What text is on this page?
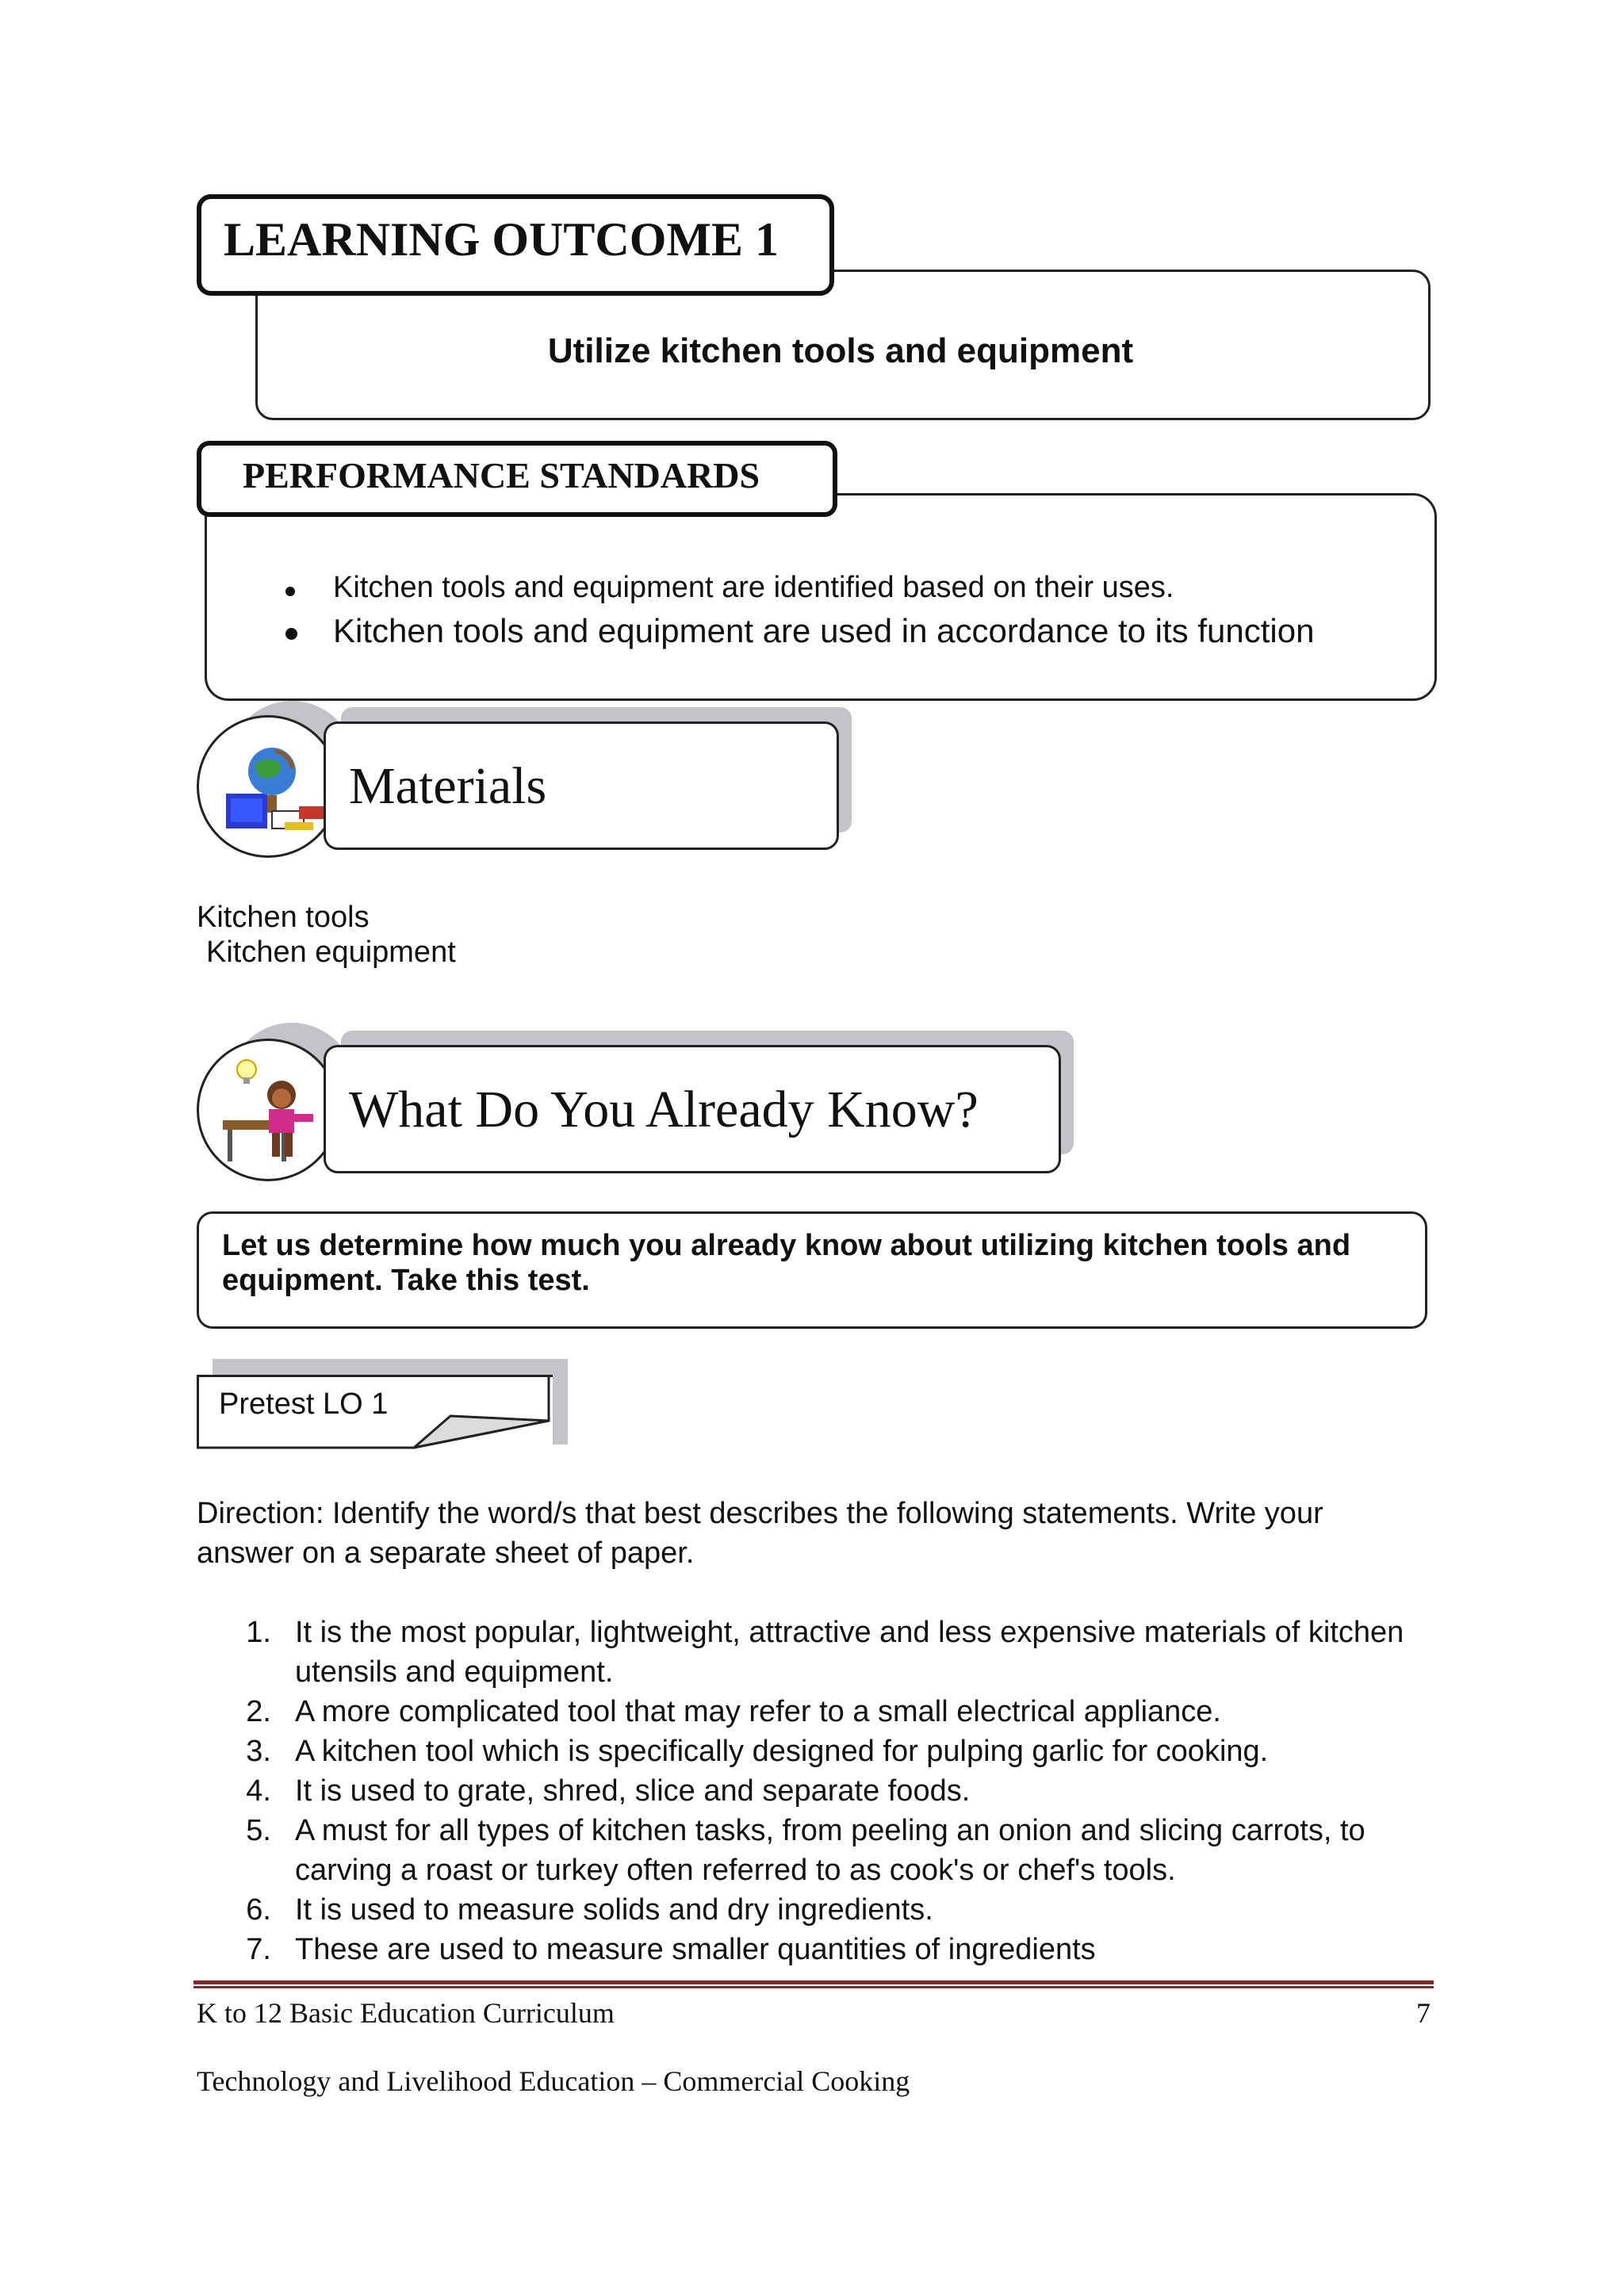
Utilize kitchen tools and equipment
LEARNING OUTCOME 1
PERFORMANCE STANDARDS
Kitchen tools and equipment are identified based on their uses.
Kitchen tools and equipment are used in accordance to its function
Materials
Kitchen tools
Kitchen equipment
What Do You Already Know?
Let us determine how much you already know about utilizing kitchen tools and
equipment. Take this test.
Pretest LO 1
Direction: Identify the word/s that best describes the following statements. Write your
answer on a separate sheet of paper.
1. It is the most popular, lightweight, attractive and less expensive materials of kitchen
utensils and equipment.
2. A more complicated tool that may refer to a small electrical appliance.
3. A kitchen tool which is specifically designed for pulping garlic for cooking.
4. It is used to grate, shred, slice and separate foods.
5. A must for all types of kitchen tasks, from peeling an onion and slicing carrots, to
carving a roast or turkey often referred to as cook's or chef's tools.
6. It is used to measure solids and dry ingredients.
7. These are used to measure smaller quantities of ingredients
K to 12 Basic Education Curriculum	7
Technology and Livelihood Education – Commercial Cooking
